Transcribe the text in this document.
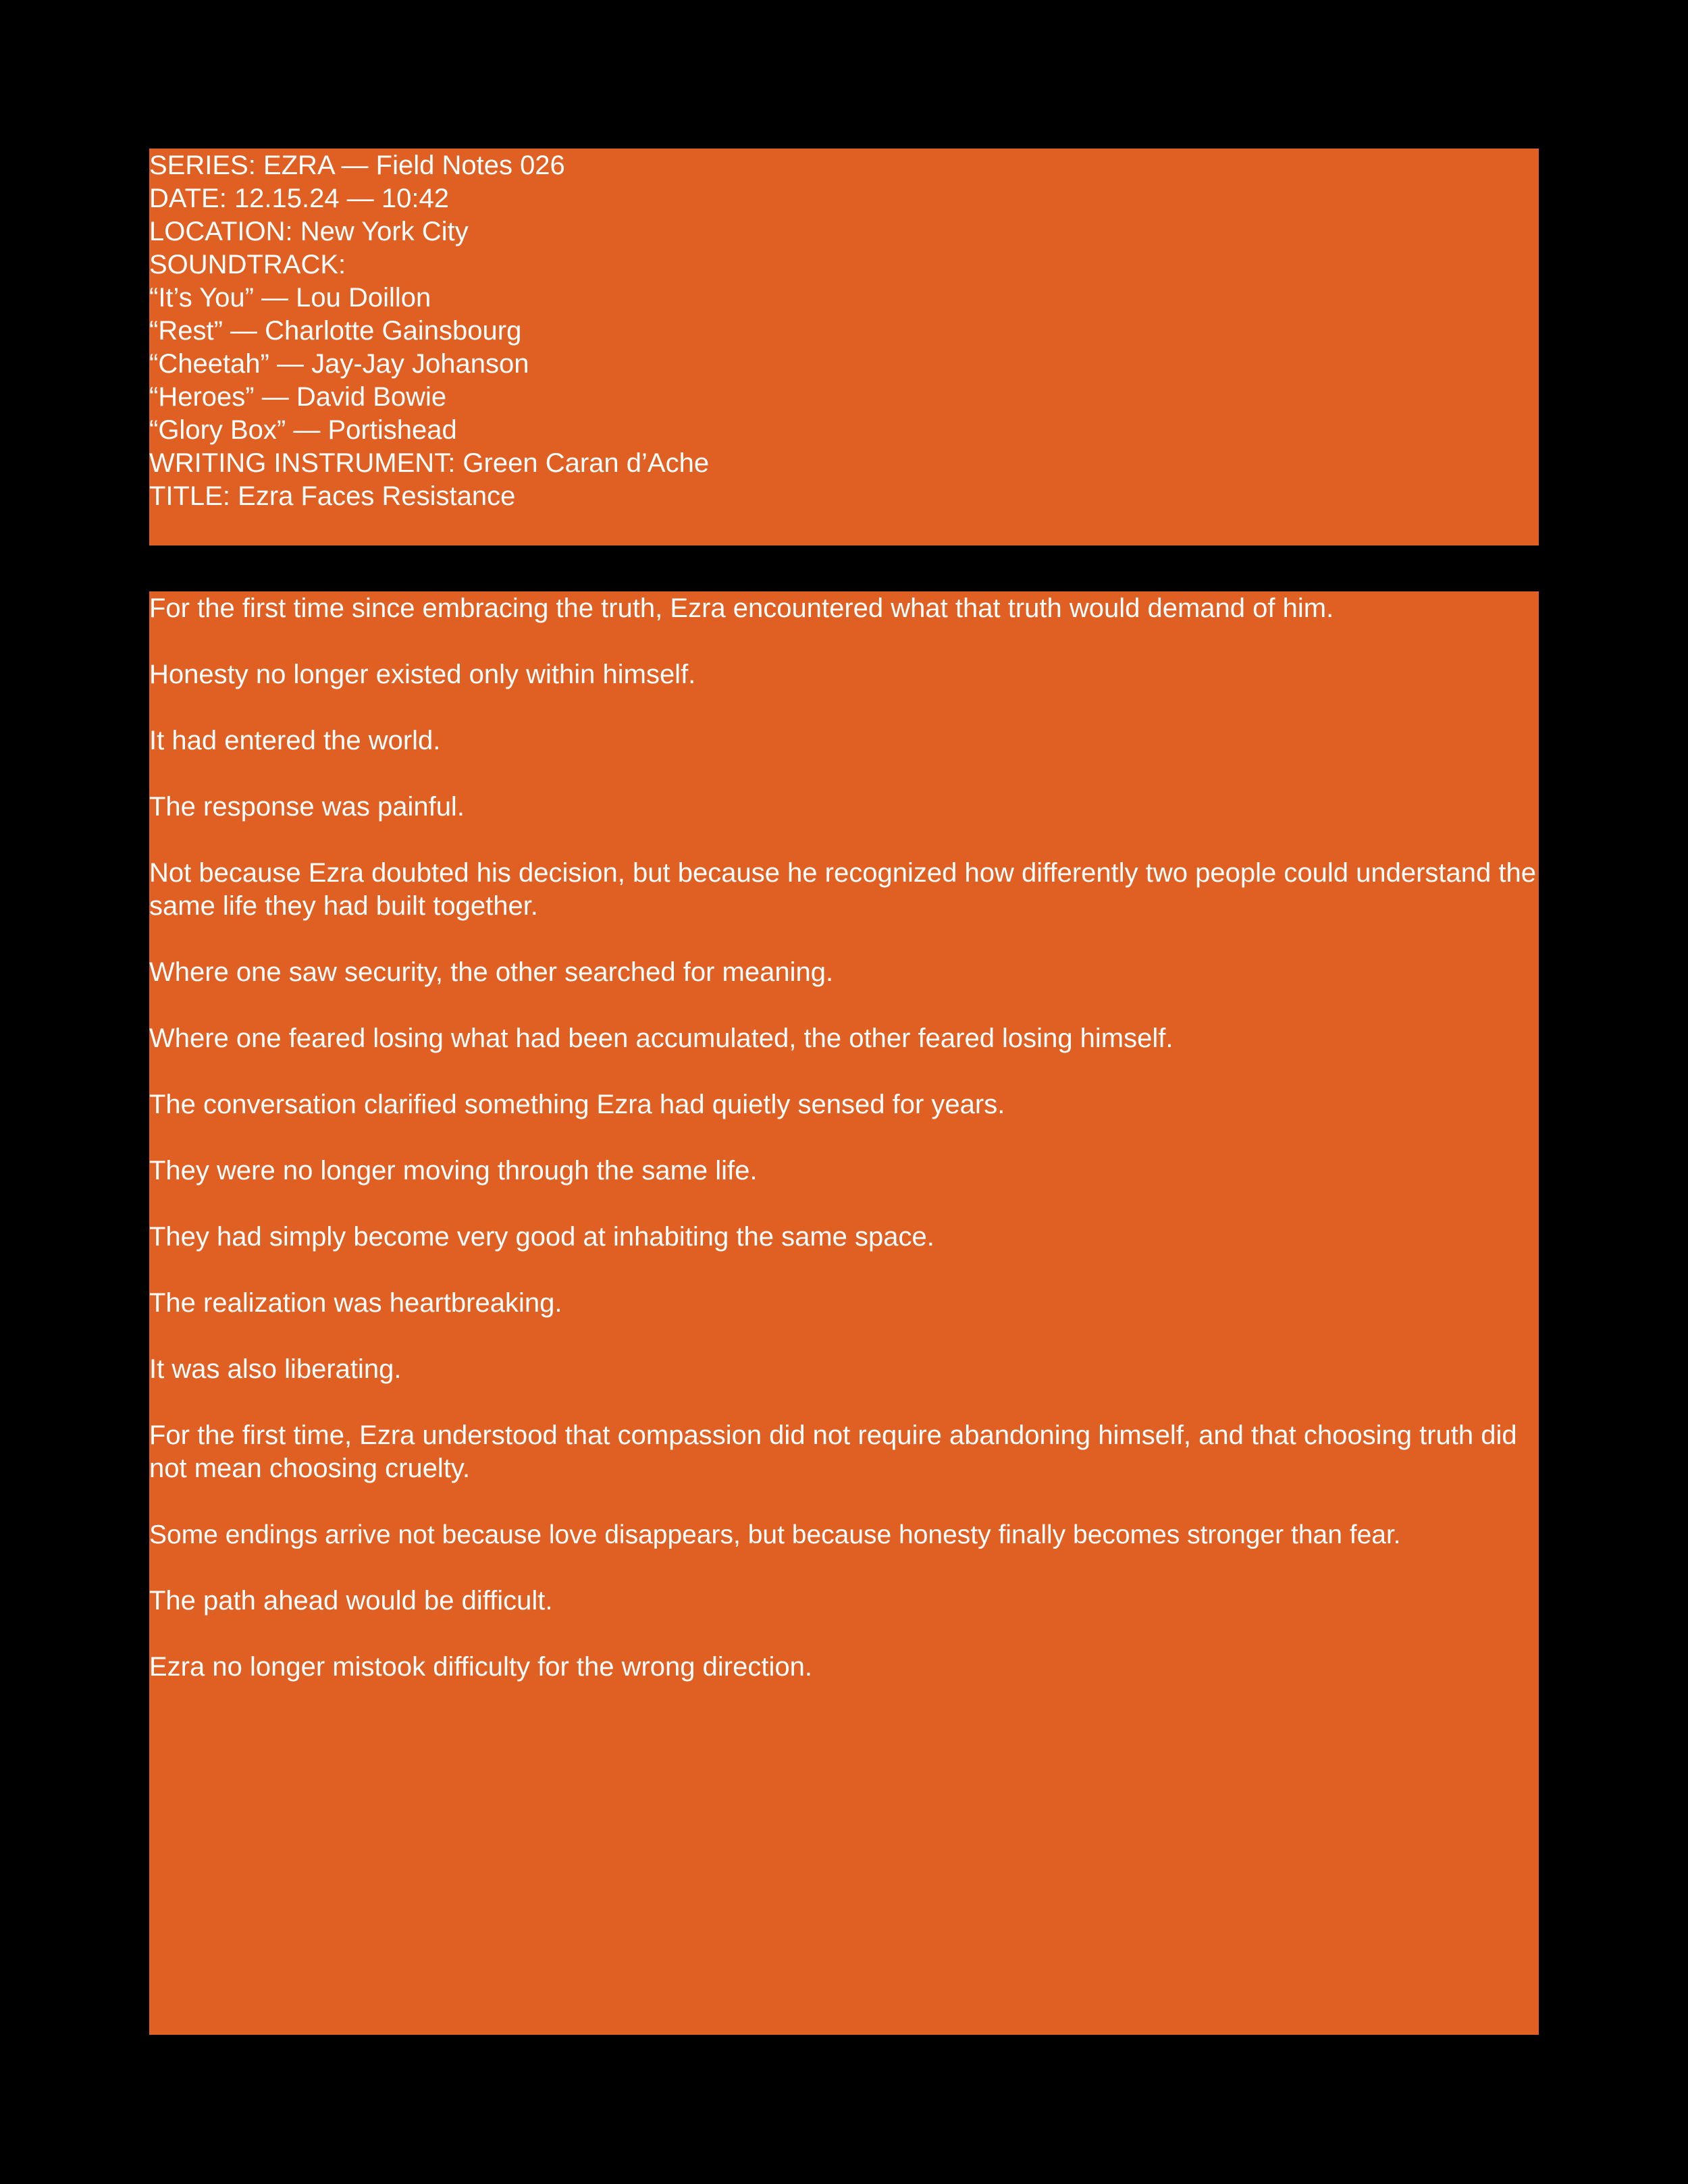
SERIES: EZRA — Field Notes 026

DATE: 12.15.24 — 10:42

LOCATION: New York City

SOUNDTRACK:

“It’s You” — Lou Doillon

“Rest” — Charlotte Gainsbourg

“Cheetah” — Jay-Jay Johanson

“Heroes” — David Bowie

“Glory Box” — Portishead

WRITING INSTRUMENT: Green Caran d’Ache

TITLE: Ezra Faces Resistance

For the first time since embracing the truth, Ezra encountered what that truth would demand of him.

Honesty no longer existed only within himself.

It had entered the world.

The response was painful.

Not because Ezra doubted his decision, but because he recognized how differently two people could understand the same life they had built together.

Where one saw security, the other searched for meaning.

Where one feared losing what had been accumulated, the other feared losing himself.

The conversation clarified something Ezra had quietly sensed for years.

They were no longer moving through the same life.

They had simply become very good at inhabiting the same space.

The realization was heartbreaking.

It was also liberating.

For the first time, Ezra understood that compassion did not require abandoning himself, and that choosing truth did not mean choosing cruelty.

Some endings arrive not because love disappears, but because honesty finally becomes stronger than fear.

The path ahead would be difficult.

Ezra no longer mistook difficulty for the wrong direction.
